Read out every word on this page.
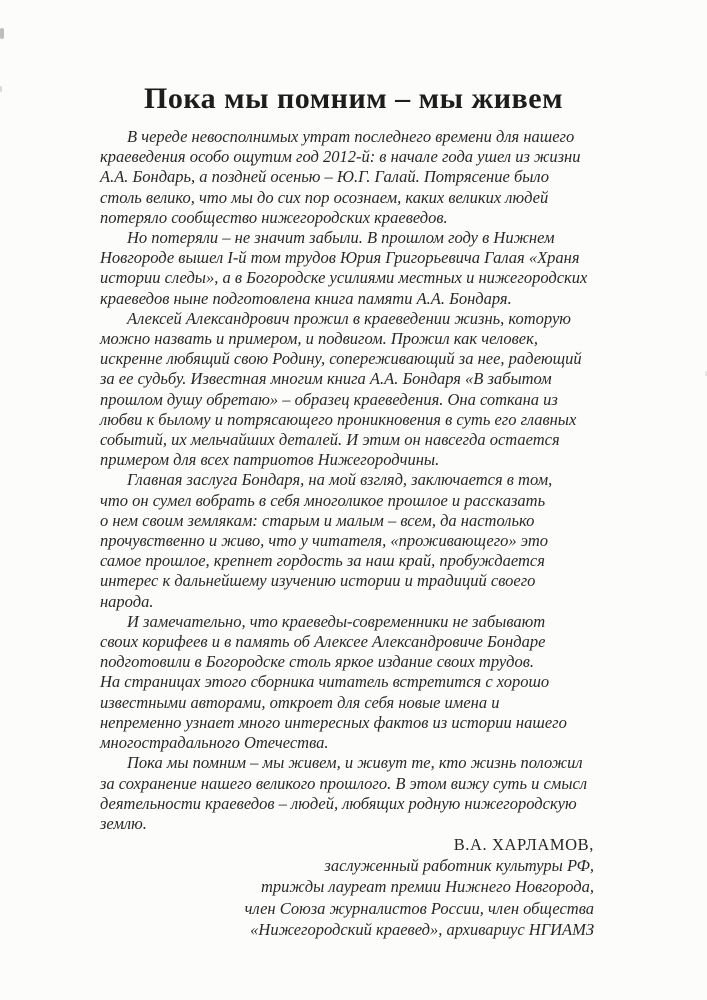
Пока мы помним – мы живем
В череде невосполнимых утрат последнего времени для нашего
краеведения особо ощутим год 2012-й: в начале года ушел из жизни
А.А. Бондарь, а поздней осенью – Ю.Г. Галай. Потрясение было
столь велико, что мы до сих пор осознаем, каких великих людей
потеряло сообщество нижегородских краеведов.
Но потеряли – не значит забыли. В прошлом году в Нижнем
Новгороде вышел I-й том трудов Юрия Григорьевича Галая «Храня
истории следы», а в Богородске усилиями местных и нижегородских
краеведов ныне подготовлена книга памяти А.А. Бондаря.
Алексей Александрович прожил в краеведении жизнь, которую
можно назвать и примером, и подвигом. Прожил как человек,
искренне любящий свою Родину, сопереживающий за нее, радеющий
за ее судьбу. Известная многим книга А.А. Бондаря «В забытом
прошлом душу обретаю» – образец краеведения. Она соткана из
любви к былому и потрясающего проникновения в суть его главных
событий, их мельчайших деталей. И этим он навсегда остается
примером для всех патриотов Нижегородчины.
Главная заслуга Бондаря, на мой взгляд, заключается в том,
что он сумел вобрать в себя многоликое прошлое и рассказать
о нем своим землякам: старым и малым – всем, да настолько
прочувственно и живо, что у читателя, «проживающего» это
самое прошлое, крепнет гордость за наш край, пробуждается
интерес к дальнейшему изучению истории и традиций своего
народа.
И замечательно, что краеведы-современники не забывают
своих корифеев и в память об Алексее Александровиче Бондаре
подготовили в Богородске столь яркое издание своих трудов.
На страницах этого сборника читатель встретится с хорошо
известными авторами, откроет для себя новые имена и
непременно узнает много интересных фактов из истории нашего
многострадального Отечества.
Пока мы помним – мы живем, и живут те, кто жизнь положил
за сохранение нашего великого прошлого. В этом вижу суть и смысл
деятельности краеведов – людей, любящих родную нижегородскую
землю.
В.А. ХАРЛАМОВ,
заслуженный работник культуры РФ,
трижды лауреат премии Нижнего Новгорода,
член Союза журналистов России, член общества
«Нижегородский краевед», архивариус НГИАМЗ
